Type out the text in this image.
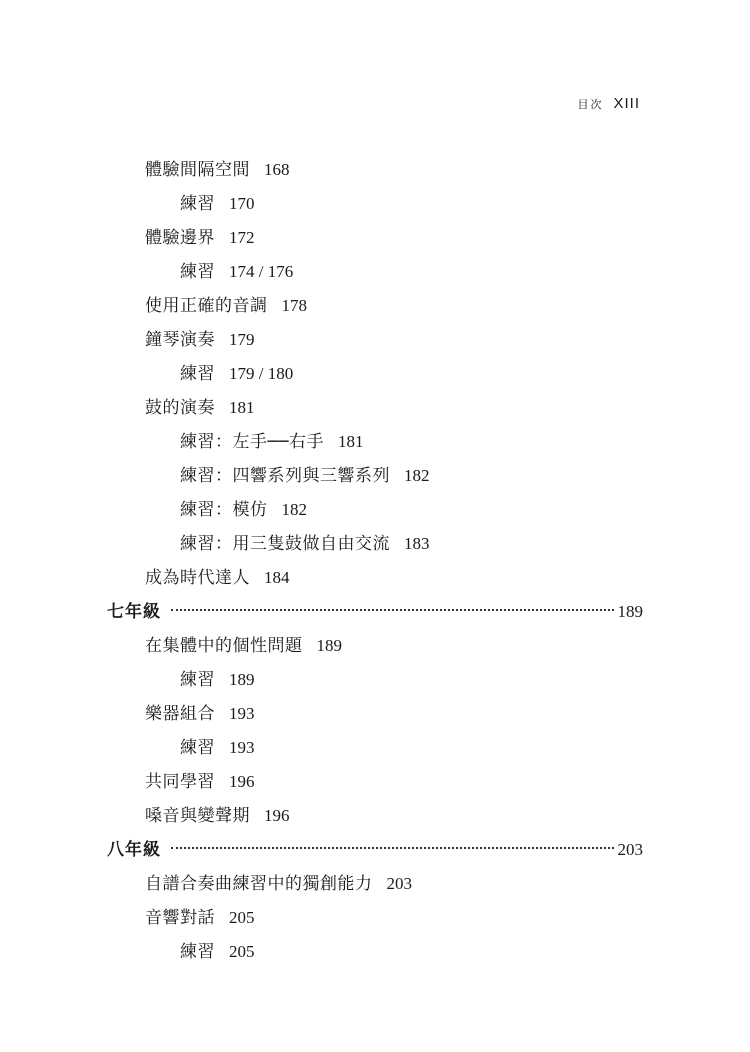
目次 XIII
體驗間隔空間 168
練習 170
體驗邊界 172
練習 174 / 176
使用正確的音調 178
鐘琴演奏 179
練習 179 / 180
鼓的演奏 181
練習：左手──右手 181
練習：四響系列與三響系列 182
練習：模仿 182
練習：用三隻鼓做自由交流 183
成為時代達人 184
七年級	189
在集體中的個性問題 189
練習 189
樂器組合 193
練習 193
共同學習 196
嗓音與變聲期 196
八年級	203
自譜合奏曲練習中的獨創能力 203
音響對話 205
練習 205
